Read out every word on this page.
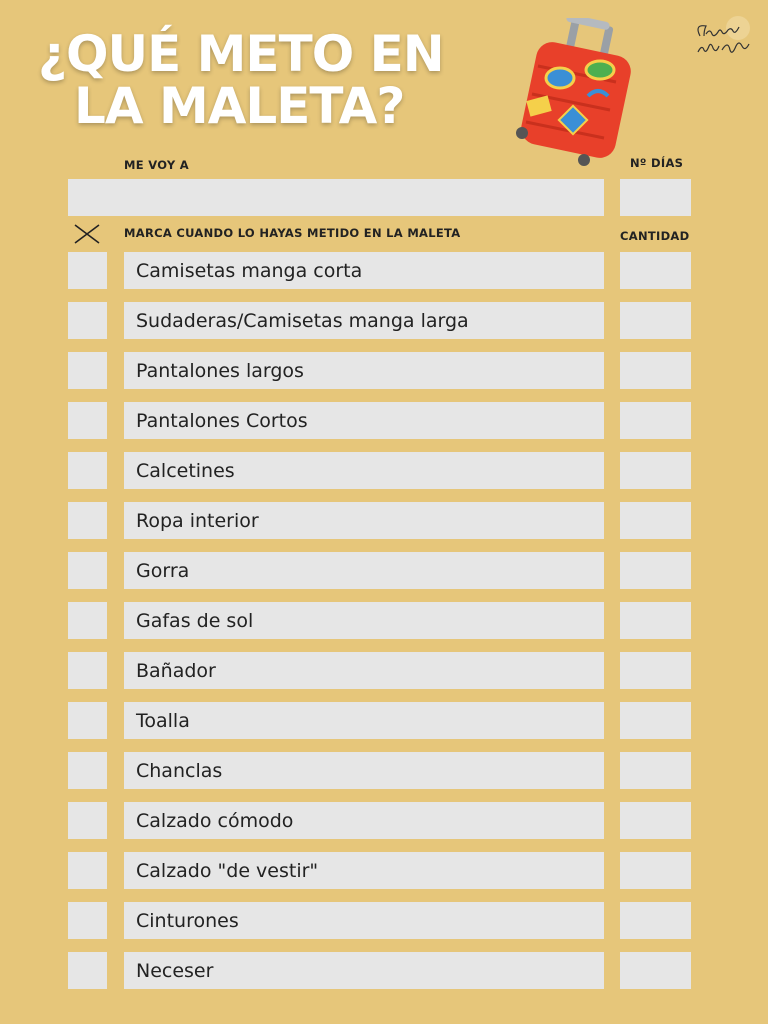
¿QUÉ METO EN
LA MALETA?
ME VOY A	Nº DÍAS
MARCA CUANDO LO HAYAS METIDO EN LA MALETA	CANTIDAD
Camisetas manga corta
Sudaderas/Camisetas manga larga
Pantalones largos
Pantalones Cortos
Calcetines
Ropa interior
Gorra
Gafas de sol
Bañador
Toalla
Chanclas
Calzado cómodo
Calzado "de vestir"
Cinturones
Neceser
